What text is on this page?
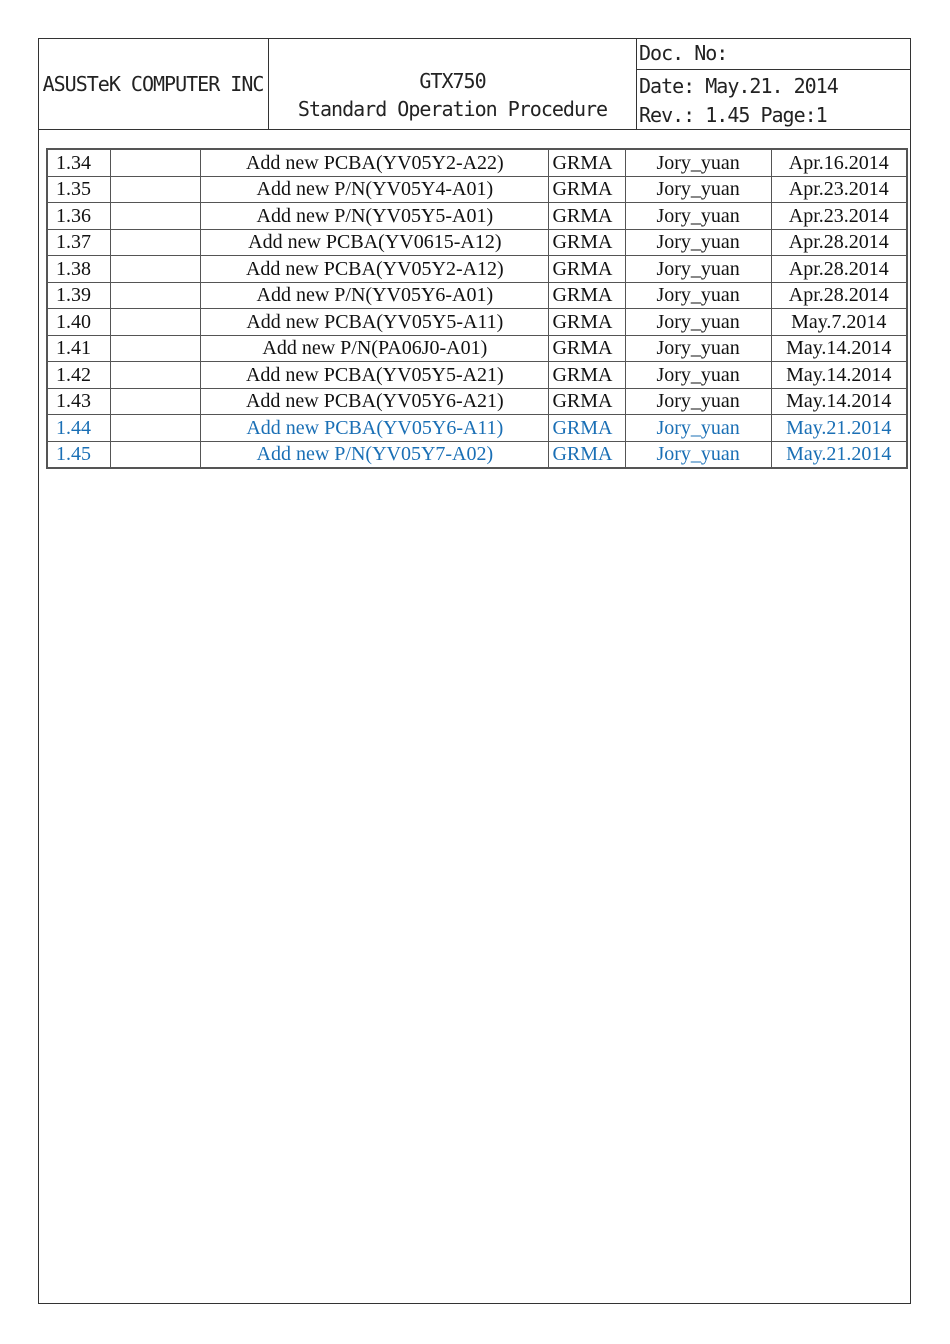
ASUSTeK COMPUTER INC	GTX750
Standard Operation Procedure
Doc. No:
Date: May.21. 2014
Rev.: 1.45 Page:1
1.34		Add new PCBA(YV05Y2-A22)	GRMA	Jory_yuan	Apr.16.2014
1.35		Add new P/N(YV05Y4-A01)	GRMA	Jory_yuan	Apr.23.2014
1.36		Add new P/N(YV05Y5-A01)	GRMA	Jory_yuan	Apr.23.2014
1.37		Add new PCBA(YV0615-A12)	GRMA	Jory_yuan	Apr.28.2014
1.38		Add new PCBA(YV05Y2-A12)	GRMA	Jory_yuan	Apr.28.2014
1.39		Add new P/N(YV05Y6-A01)	GRMA	Jory_yuan	Apr.28.2014
1.40		Add new PCBA(YV05Y5-A11)	GRMA	Jory_yuan	May.7.2014
1.41		Add new P/N(PA06J0-A01)	GRMA	Jory_yuan	May.14.2014
1.42		Add new PCBA(YV05Y5-A21)	GRMA	Jory_yuan	May.14.2014
1.43		Add new PCBA(YV05Y6-A21)	GRMA	Jory_yuan	May.14.2014
1.44		Add new PCBA(YV05Y6-A11)	GRMA	Jory_yuan	May.21.2014
1.45		Add new P/N(YV05Y7-A02)	GRMA	Jory_yuan	May.21.2014
